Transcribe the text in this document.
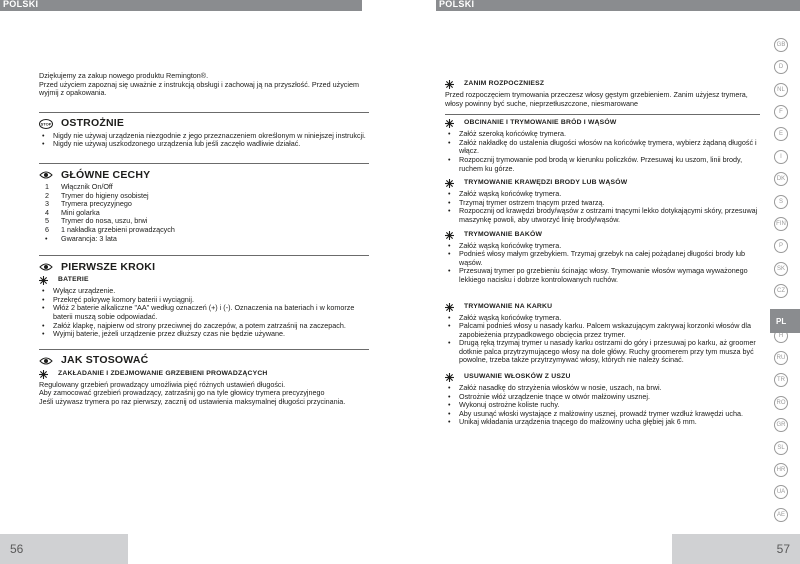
POLSKI

Dziękujemy za zakup nowego produktu Remington®.

Przed użyciem zapoznaj się uważnie z instrukcją obsługi i zachowaj ją na przyszłość. Przed użyciem wyjmij z opakowania.

STOP OSTROŻNIE
• Nigdy nie używaj urządzenia niezgodnie z jego przeznaczeniem określonym w niniejszej instrukcji.
• Nigdy nie używaj uszkodzonego urządzenia lub jeśli zaczęło wadliwie działać.
GŁÓWNE CECHY
1	Włącznik On/Off
2	Trymer do higieny osobistej
3	Trymera precyzyjnego
4	Mini golarka
5	Trymer do nosa, uszu, brwi
6	1 nakładka grzebieni prowadzących
•	Gwarancja: 3 lata
PIERWSZE KROKI
BATERIE
• Wyłącz urządzenie.
• Przekręć pokrywę komory baterii i wyciągnij.
• Włóż 2 baterie alkaliczne "AA" według oznaczeń (+) i (-). Oznaczenia na bateriach i w komorze baterii muszą sobie odpowiadać.
• Załóż klapkę, najpierw od strony przeciwnej do zaczepów, a potem zatrzaśnij na zaczepach.
• Wyjmij baterie, jeżeli urządzenie przez dłuższy czas nie będzie używane.
JAK STOSOWAĆ
ZAKŁADANIE I ZDEJMOWANIE GRZEBIENI PROWADZĄCYCH

Regulowany grzebień prowadzący umożliwia pięć różnych ustawień długości.

Aby zamocować grzebień prowadzący, zatrzaśnij go na tyle głowicy trymera precyzyjnego

Jeśli używasz trymera po raz pierwszy, zacznij od ustawienia maksymalnej długości przycinania.

56
POLSKI
ZANIM ROZPOCZNIESZ

Przed rozpoczęciem trymowania przeczesz włosy gęstym grzebieniem. Zanim użyjesz trymera, włosy powinny być suche, nieprzetłuszczone, niesmarowane

OBCINANIE I TRYMOWANIE BRÓD I WĄSÓW
• Załóż szeroką końcówkę trymera.
• Załóż nakładkę do ustalenia długości włosów na końcówkę trymera, wybierz żądaną długość i włącz.
• Rozpocznij trymowanie pod brodą w kierunku policzków. Przesuwaj ku uszom, linii brody, ruchem ku górze.
TRYMOWANIE KRAWĘDZI BRODY LUB WĄSÓW
• Załóż wąską końcówkę trymera.
• Trzymaj trymer ostrzem tnącym przed twarzą.
• Rozpocznij od krawędzi brody/wąsów z ostrzami tnącymi lekko dotykającymi skóry, przesuwaj maszynkę powoli, aby utworzyć linię brody/wąsów.
TRYMOWANIE BAKÓW
• Załóż wąską końcówkę trymera.
• Podnieś włosy małym grzebykiem. Trzymaj grzebyk na całej pożądanej długości brody lub wąsów.
• Przesuwaj trymer po grzebieniu ścinając włosy. Trymowanie włosów wymaga wyważonego lekkiego nacisku i dobrze kontrolowanych ruchów.
TRYMOWANIE NA KARKU
• Załóż wąską końcówkę trymera.
• Palcami podnieś włosy u nasady karku. Palcem wskazującym zakrywaj korzonki włosów dla zapobieżenia przypadkowego obcięcia przez trymer.
• Drugą ręką trzymaj trymer u nasady karku ostrzami do góry i przesuwaj po karku, aż groomer dotknie palca przytrzymującego włosy na dole główy. Ruchy groomerem przy tym musza być powolne, trzeba także przytrzymywać włosy, których nie należy ścinać.
USUWANIE WŁOSKÓW Z USZU
• Załóż nasadkę do strzyżenia włosków w nosie, uszach, na brwi.
• Ostrożnie włóż urządzenie tnące w otwór małżowiny usznej.
• Wykonuj ostrożne koliste ruchy.
• Aby usunąć włoski wystające z małżowiny usznej, prowadź trymer wzdłuż krawędzi ucha.
• Unikaj wkładania urządzenia tnącego do małżowiny ucha głębiej jak 6 mm.
GB
D
NL
F
E
I
DK
S
FIN
P
SK
CZ
H
RU
TR
RO
GR
SL
HR
UA
AE
PL
57
